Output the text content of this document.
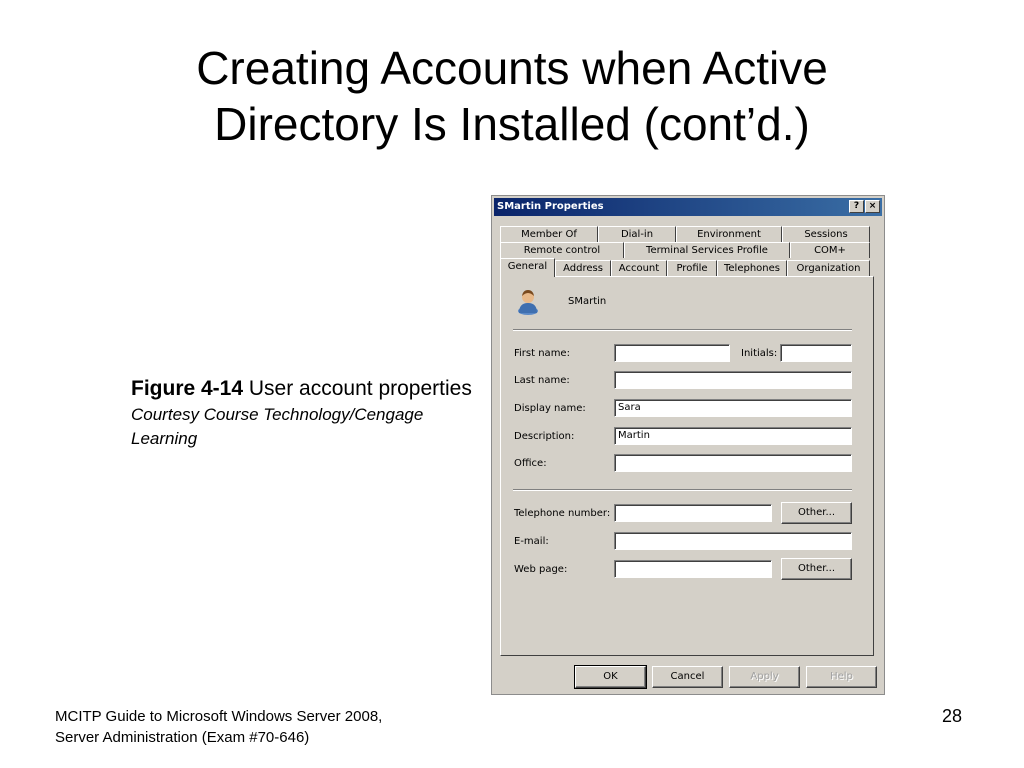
Creating Accounts when Active
Directory Is Installed (cont’d.)
Figure 4-14 User account properties
Courtesy Course Technology/Cengage Learning
SMartin Properties	?	×
Member Of	Dial-in	Environment	Sessions
Remote control	Terminal Services Profile	COM+
General	Address	Account	Profile	Telephones	Organization
SMartin
First name:	Initials:
Last name:
Display name:	Sara
Description:	Martin
Office:
Telephone number:	Other...
E-mail:
Web page:	Other...
OK	Cancel	Apply	Help
MCITP Guide to Microsoft Windows Server 2008,
Server Administration (Exam #70-646)
28
